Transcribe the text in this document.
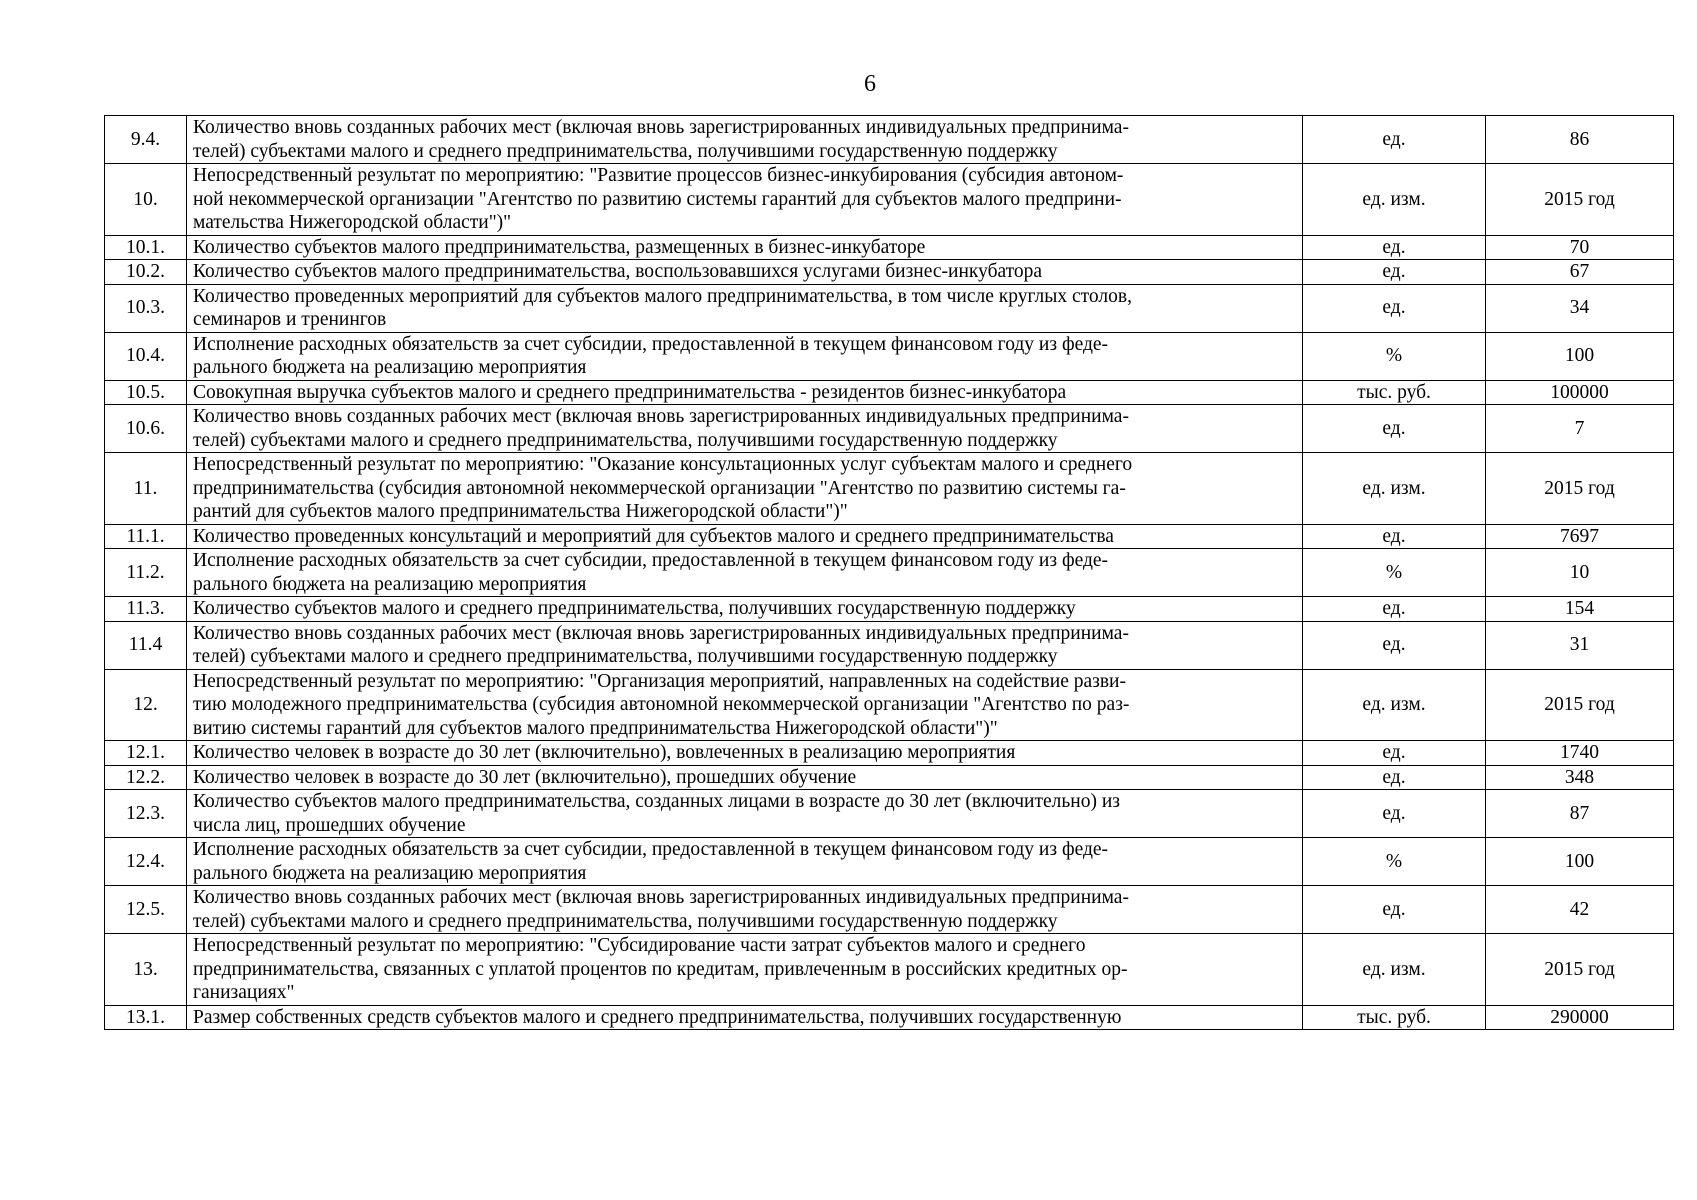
6
9.4.	Количество вновь созданных рабочих мест (включая вновь зарегистрированных индивидуальных предпринима-
телей) субъектами малого и среднего предпринимательства, получившими государственную поддержку	ед.	86
10.	Непосредственный результат по мероприятию: "Развитие процессов бизнес-инкубирования (субсидия автоном-
ной некоммерческой организации "Агентство по развитию системы гарантий для субъектов малого предприни-
мательства Нижегородской области")"	ед. изм.	2015 год
10.1.	Количество субъектов малого предпринимательства, размещенных в бизнес-инкубаторе	ед.	70
10.2.	Количество субъектов малого предпринимательства, воспользовавшихся услугами бизнес-инкубатора	ед.	67
10.3.	Количество проведенных мероприятий для субъектов малого предпринимательства, в том числе круглых столов,
семинаров и тренингов	ед.	34
10.4.	Исполнение расходных обязательств за счет субсидии, предоставленной в текущем финансовом году из феде-
рального бюджета на реализацию мероприятия	%	100
10.5.	Совокупная выручка субъектов малого и среднего предпринимательства - резидентов бизнес-инкубатора	тыс. руб.	100000
10.6.	Количество вновь созданных рабочих мест (включая вновь зарегистрированных индивидуальных предпринима-
телей) субъектами малого и среднего предпринимательства, получившими государственную поддержку	ед.	7
11.	Непосредственный результат по мероприятию: "Оказание консультационных услуг субъектам малого и среднего
предпринимательства (субсидия автономной некоммерческой организации "Агентство по развитию системы га-
рантий для субъектов малого предпринимательства Нижегородской области")"	ед. изм.	2015 год
11.1.	Количество проведенных консультаций и мероприятий для субъектов малого и среднего предпринимательства	ед.	7697
11.2.	Исполнение расходных обязательств за счет субсидии, предоставленной в текущем финансовом году из феде-
рального бюджета на реализацию мероприятия	%	10
11.3.	Количество субъектов малого и среднего предпринимательства, получивших государственную поддержку	ед.	154
11.4	Количество вновь созданных рабочих мест (включая вновь зарегистрированных индивидуальных предпринима-
телей) субъектами малого и среднего предпринимательства, получившими государственную поддержку	ед.	31
12.	Непосредственный результат по мероприятию: "Организация мероприятий, направленных на содействие разви-
тию молодежного предпринимательства (субсидия автономной некоммерческой организации "Агентство по раз-
витию системы гарантий для субъектов малого предпринимательства Нижегородской области")"	ед. изм.	2015 год
12.1.	Количество человек в возрасте до 30 лет (включительно), вовлеченных в реализацию мероприятия	ед.	1740
12.2.	Количество человек в возрасте до 30 лет (включительно), прошедших обучение	ед.	348
12.3.	Количество субъектов малого предпринимательства, созданных лицами в возрасте до 30 лет (включительно) из
числа лиц, прошедших обучение	ед.	87
12.4.	Исполнение расходных обязательств за счет субсидии, предоставленной в текущем финансовом году из феде-
рального бюджета на реализацию мероприятия	%	100
12.5.	Количество вновь созданных рабочих мест (включая вновь зарегистрированных индивидуальных предпринима-
телей) субъектами малого и среднего предпринимательства, получившими государственную поддержку	ед.	42
13.	Непосредственный результат по мероприятию: "Субсидирование части затрат субъектов малого и среднего
предпринимательства, связанных с уплатой процентов по кредитам, привлеченным в российских кредитных ор-
ганизациях"	ед. изм.	2015 год
13.1.	Размер собственных средств субъектов малого и среднего предпринимательства, получивших государственную	тыс. руб.	290000
